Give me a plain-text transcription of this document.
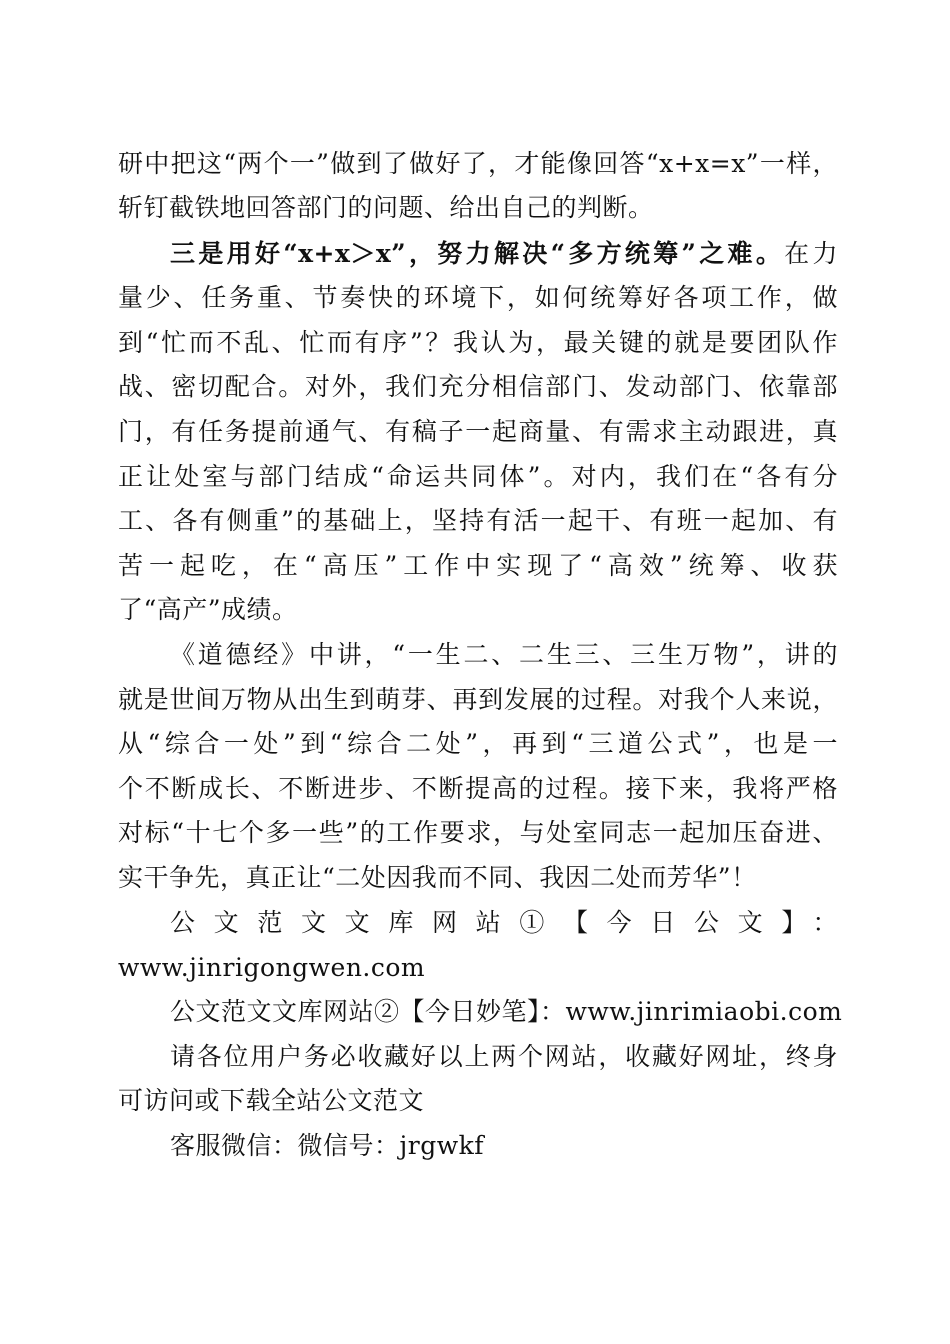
研中把这“两个一”做到了做好了，才能像回答“x+x=x”一样，
斩钉截铁地回答部门的问题、给出自己的判断。
三是用好“x+x＞x”，努力解决“多方统筹”之难。在力
量少、任务重、节奏快的环境下，如何统筹好各项工作，做
到“忙而不乱、忙而有序”？我认为，最关键的就是要团队作
战、密切配合。对外，我们充分相信部门、发动部门、依靠部
门，有任务提前通气、有稿子一起商量、有需求主动跟进，真
正让处室与部门结成“命运共同体”。对内，我们在“各有分
工、各有侧重”的基础上，坚持有活一起干、有班一起加、有
苦一起吃，在“高压”工作中实现了“高效”统筹、收获
了“高产”成绩。
《道德经》中讲，“一生二、二生三、三生万物”，讲的
就是世间万物从出生到萌芽、再到发展的过程。对我个人来说，
从“综合一处”到“综合二处”，再到“三道公式”，也是一
个不断成长、不断进步、不断提高的过程。接下来，我将严格
对标“十七个多一些”的工作要求，与处室同志一起加压奋进、
实干争先，真正让“二处因我而不同、我因二处而芳华”！
公文范文文库网站①【今日公文】：
www.jinrigongwen.com
公文范文文库网站②【今日妙笔】：www.jinrimiaobi.com
请各位用户务必收藏好以上两个网站，收藏好网址，终身
可访问或下载全站公文范文
客服微信：微信号：jrgwkf
